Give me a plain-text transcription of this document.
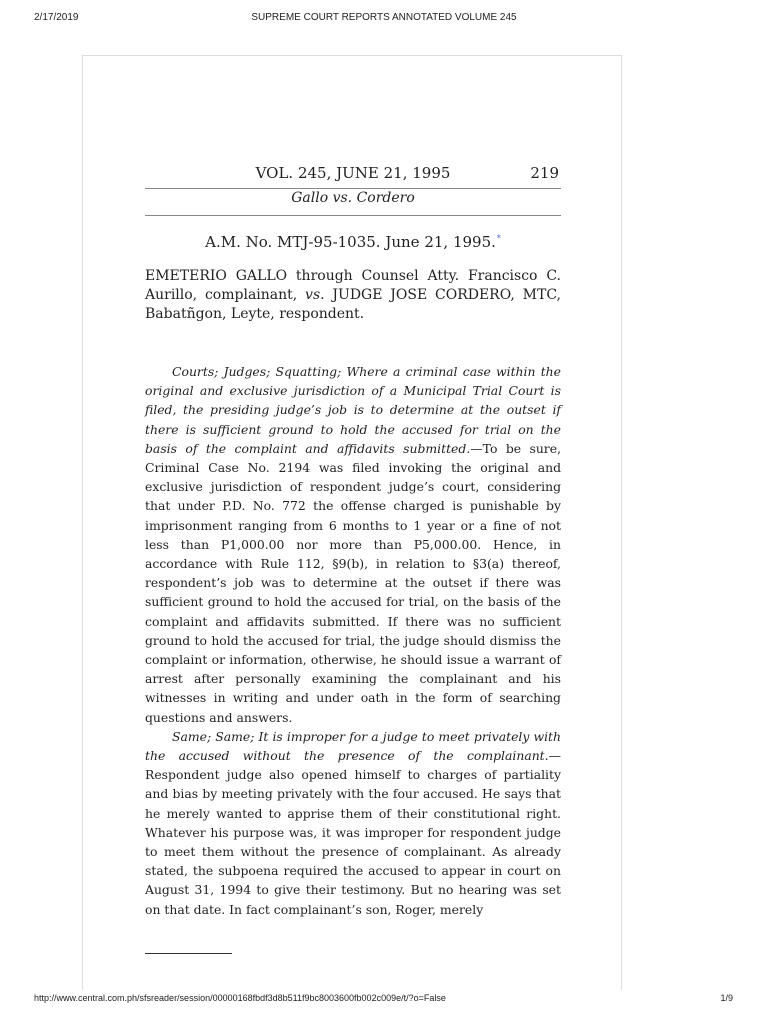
2/17/2019	SUPREME COURT REPORTS ANNOTATED VOLUME 245
VOL. 245, JUNE 21, 1995	219
Gallo vs. Cordero
A.M. No. MTJ-95-1035. June 21, 1995.*
EMETERIO GALLO through Counsel Atty. Francisco C. Aurillo, complainant, vs. JUDGE JOSE CORDERO, MTC, Babatñgon, Leyte, respondent.

Courts; Judges; Squatting; Where a criminal case within the original and exclusive jurisdiction of a Municipal Trial Court is filed, the presiding judge’s job is to determine at the outset if there is sufficient ground to hold the accused for trial on the basis of the complaint and affidavits submitted.—To be sure, Criminal Case No. 2194 was filed invoking the original and exclusive jurisdiction of respondent judge’s court, considering that under P.D. No. 772 the offense charged is punishable by imprisonment ranging from 6 months to 1 year or a fine of not less than P1,000.00 nor more than P5,000.00. Hence, in accordance with Rule 112, §9(b), in relation to §3(a) thereof, respondent’s job was to determine at the outset if there was sufficient ground to hold the accused for trial, on the basis of the complaint and affidavits submitted. If there was no sufficient ground to hold the accused for trial, the judge should dismiss the complaint or information, otherwise, he should issue a warrant of arrest after personally examining the complainant and his witnesses in writing and under oath in the form of searching questions and answers.

Same; Same; It is improper for a judge to meet privately with the accused without the presence of the complainant.—Respondent judge also opened himself to charges of partiality and bias by meeting privately with the four accused. He says that he merely wanted to apprise them of their constitutional right. Whatever his purpose was, it was improper for respondent judge to meet them without the presence of complainant. As already stated, the subpoena required the accused to appear in court on August 31, 1994 to give their testimony. But no hearing was set on that date. In fact complainant’s son, Roger, merely

http://www.central.com.ph/sfsreader/session/00000168fbdf3d8b511f9bc8003600fb002c009e/t/?o=False	1/9
